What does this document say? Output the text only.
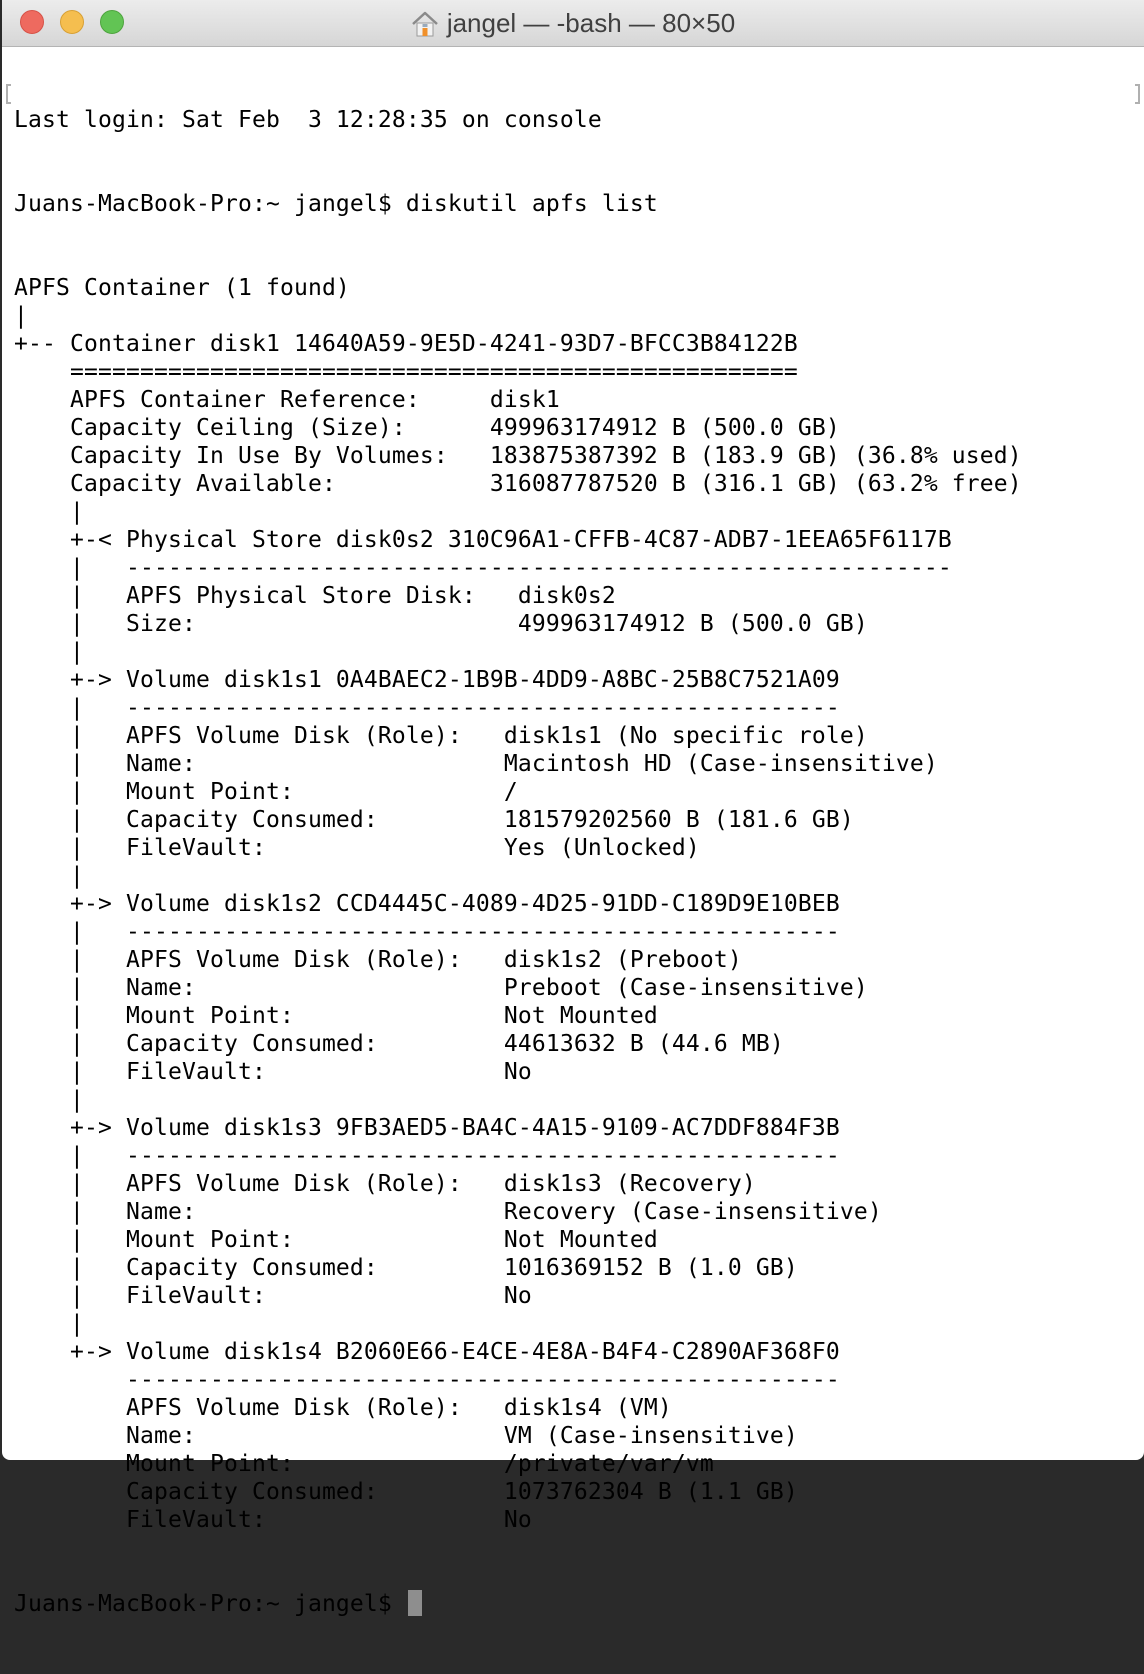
jangel — -bash — 80×50

Last login: Sat Feb  3 12:28:35 on console

Juans-MacBook-Pro:~ jangel$ diskutil apfs list

APFS Container (1 found)
|
+-- Container disk1 14640A59-9E5D-4241-93D7-BFCC3B84122B
====================================================
APFS Container Reference:     disk1
Capacity Ceiling (Size):      499963174912 B (500.0 GB)
Capacity In Use By Volumes:   183875387392 B (183.9 GB) (36.8% used)
Capacity Available:           316087787520 B (316.1 GB) (63.2% free)
|
+-< Physical Store disk0s2 310C96A1-CFFB-4C87-ADB7-1EEA65F6117B
|   -----------------------------------------------------------
|   APFS Physical Store Disk:   disk0s2
|   Size:                       499963174912 B (500.0 GB)
|
+-> Volume disk1s1 0A4BAEC2-1B9B-4DD9-A8BC-25B8C7521A09
|   ---------------------------------------------------
|   APFS Volume Disk (Role):   disk1s1 (No specific role)
|   Name:                      Macintosh HD (Case-insensitive)
|   Mount Point:               /
|   Capacity Consumed:         181579202560 B (181.6 GB)
|   FileVault:                 Yes (Unlocked)
|
+-> Volume disk1s2 CCD4445C-4089-4D25-91DD-C189D9E10BEB
|   ---------------------------------------------------
|   APFS Volume Disk (Role):   disk1s2 (Preboot)
|   Name:                      Preboot (Case-insensitive)
|   Mount Point:               Not Mounted
|   Capacity Consumed:         44613632 B (44.6 MB)
|   FileVault:                 No
|
+-> Volume disk1s3 9FB3AED5-BA4C-4A15-9109-AC7DDF884F3B
|   ---------------------------------------------------
|   APFS Volume Disk (Role):   disk1s3 (Recovery)
|   Name:                      Recovery (Case-insensitive)
|   Mount Point:               Not Mounted
|   Capacity Consumed:         1016369152 B (1.0 GB)
|   FileVault:                 No
|
+-> Volume disk1s4 B2060E66-E4CE-4E8A-B4F4-C2890AF368F0
---------------------------------------------------
APFS Volume Disk (Role):   disk1s4 (VM)
Name:                      VM (Case-insensitive)
Mount Point:               /private/var/vm
Capacity Consumed:         1073762304 B (1.1 GB)
FileVault:                 No

Juans-MacBook-Pro:~ jangel$
